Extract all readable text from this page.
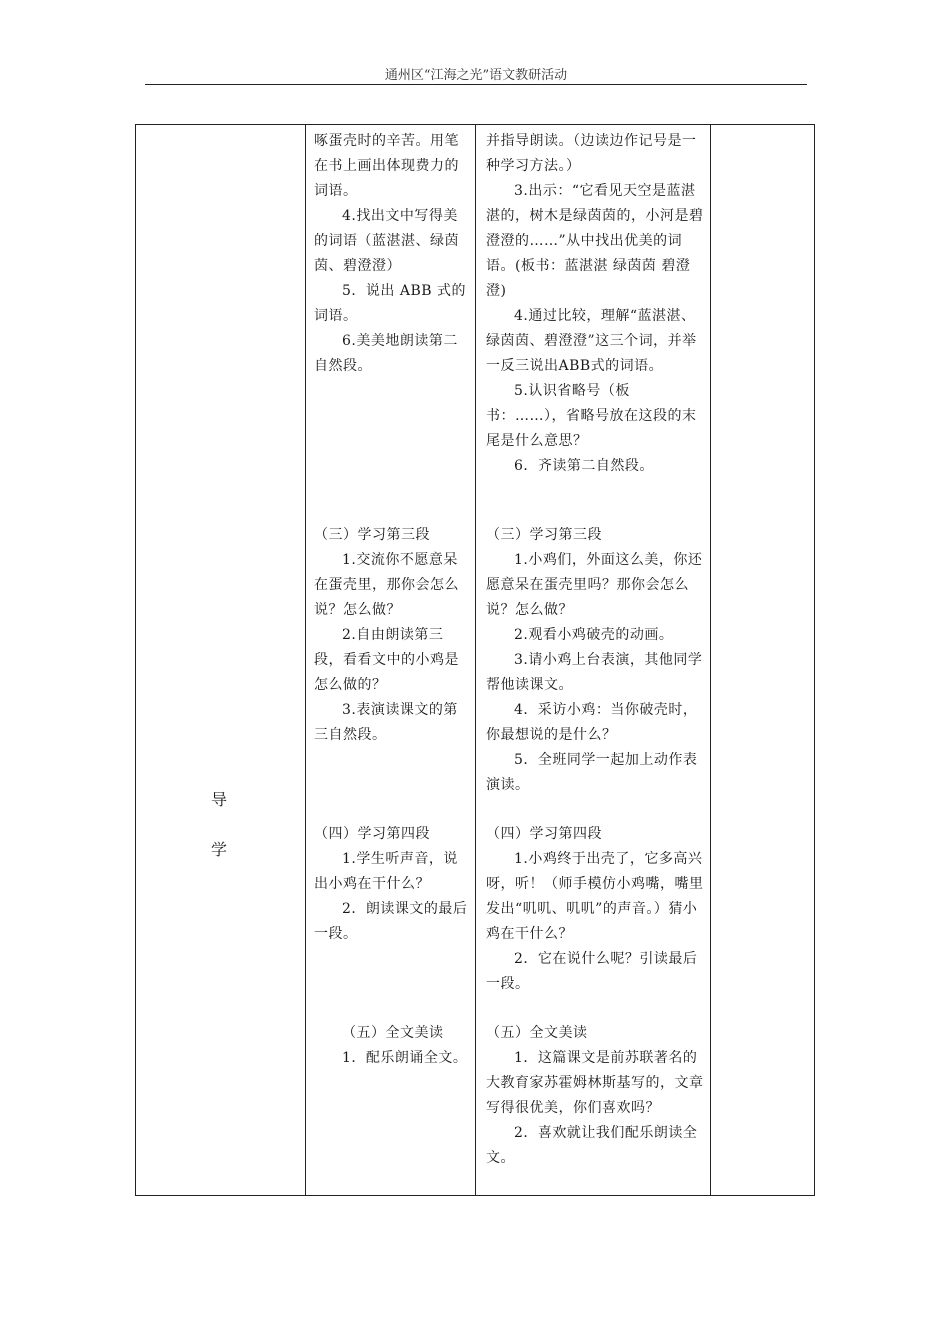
通州区“江海之光”语文教研活动
导
学

啄蛋壳时的辛苦。用笔在书上画出体现费力的词语。

4.找出文中写得美的词语（蓝湛湛、绿茵茵、碧澄澄）

5．说出 ABB 式的词语。

6.美美地朗读第二自然段。

（三）学习第三段

1.交流你不愿意呆在蛋壳里，那你会怎么说？怎么做？

2.自由朗读第三段，看看文中的小鸡是怎么做的？

3.表演读课文的第三自然段。

（四）学习第四段

1.学生听声音，说出小鸡在干什么？

2．朗读课文的最后一段。

（五）全文美读

1．配乐朗诵全文。

并指导朗读。（边读边作记号是一种学习方法。）

3.出示：“它看见天空是蓝湛湛的，树木是绿茵茵的，小河是碧澄澄的……”从中找出优美的词语。(板书：蓝湛湛 绿茵茵 碧澄澄)

4.通过比较，理解“蓝湛湛、绿茵茵、碧澄澄”这三个词，并举一反三说出ABB式的词语。

5.认识省略号（板书：……），省略号放在这段的末尾是什么意思？

6．齐读第二自然段。

（三）学习第三段

1.小鸡们，外面这么美，你还愿意呆在蛋壳里吗？那你会怎么说？怎么做？

2.观看小鸡破壳的动画。

3.请小鸡上台表演，其他同学帮他读课文。

4．采访小鸡：当你破壳时，你最想说的是什么？

5．全班同学一起加上动作表演读。

（四）学习第四段

1.小鸡终于出壳了，它多高兴呀，听！（师手模仿小鸡嘴，嘴里发出“叽叽、叽叽”的声音。）猜小鸡在干什么？

2．它在说什么呢？引读最后一段。

（五）全文美读

1．这篇课文是前苏联著名的大教育家苏霍姆林斯基写的，文章写得很优美，你们喜欢吗？

2．喜欢就让我们配乐朗读全文。
